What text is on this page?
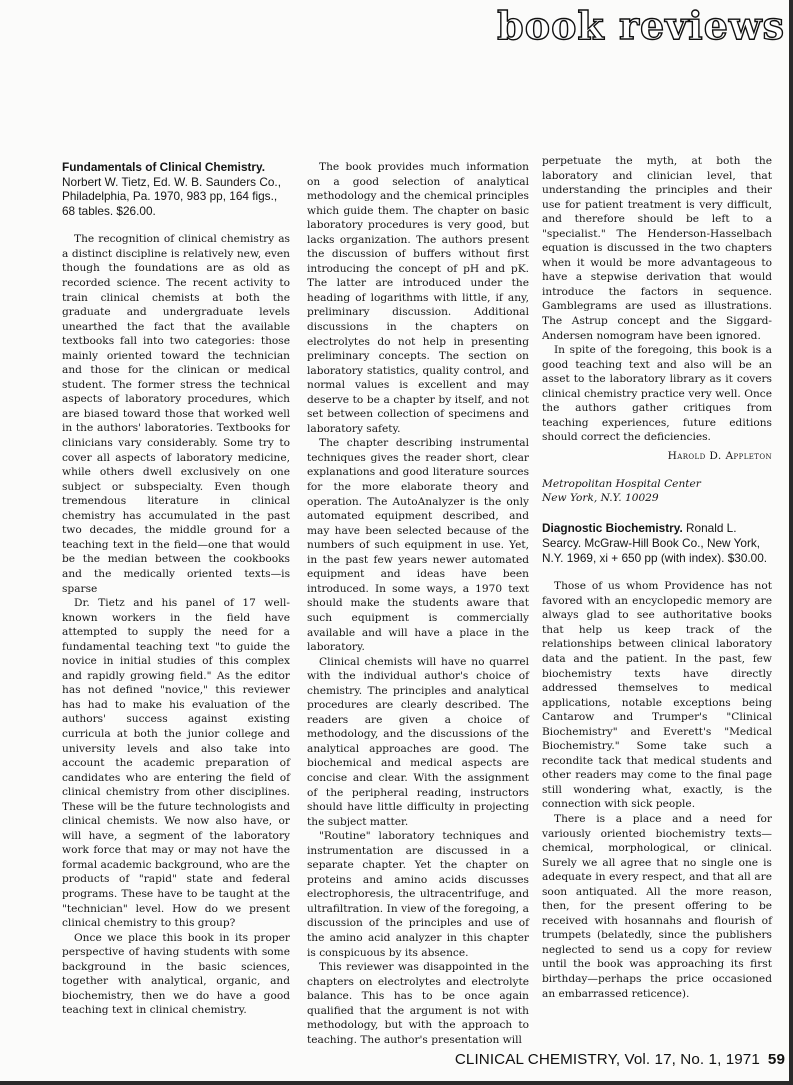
book reviews
Fundamentals of Clinical Chemistry. Norbert W. Tietz, Ed. W. B. Saunders Co., Philadelphia, Pa. 1970, 983 pp, 164 figs., 68 tables. $26.00.

The recognition of clinical chemistry as a distinct discipline is relatively new, even though the foundations are as old as recorded science. The recent activity to train clinical chemists at both the graduate and undergraduate levels unearthed the fact that the available textbooks fall into two categories: those mainly oriented toward the technician and those for the clinican or medical student. The former stress the technical aspects of laboratory procedures, which are biased toward those that worked well in the authors' laboratories. Textbooks for clinicians vary considerably. Some try to cover all aspects of laboratory medicine, while others dwell exclusively on one subject or subspecialty. Even though tremendous literature in clinical chemistry has accumulated in the past two decades, the middle ground for a teaching text in the field—one that would be the median between the cookbooks and the medically oriented texts—is sparse

Dr. Tietz and his panel of 17 well-known workers in the field have attempted to supply the need for a fundamental teaching text "to guide the novice in initial studies of this complex and rapidly growing field." As the editor has not defined "novice," this reviewer has had to make his evaluation of the authors' success against existing curricula at both the junior college and university levels and also take into account the academic preparation of candidates who are entering the field of clinical chemistry from other disciplines. These will be the future technologists and clinical chemists. We now also have, or will have, a segment of the laboratory work force that may or may not have the formal academic background, who are the products of "rapid" state and federal programs. These have to be taught at the "technician" level. How do we present clinical chemistry to this group?

Once we place this book in its proper perspective of having students with some background in the basic sciences, together with analytical, organic, and biochemistry, then we do have a good teaching text in clinical chemistry.

The book provides much information on a good selection of analytical methodology and the chemical principles which guide them. The chapter on basic laboratory procedures is very good, but lacks organization. The authors present the discussion of buffers without first introducing the concept of pH and pK. The latter are introduced under the heading of logarithms with little, if any, preliminary discussion. Additional discussions in the chapters on electrolytes do not help in presenting preliminary concepts. The section on laboratory statistics, quality control, and normal values is excellent and may deserve to be a chapter by itself, and not set between collection of specimens and laboratory safety.

The chapter describing instrumental techniques gives the reader short, clear explanations and good literature sources for the more elaborate theory and operation. The AutoAnalyzer is the only automated equipment described, and may have been selected because of the numbers of such equipment in use. Yet, in the past few years newer automated equipment and ideas have been introduced. In some ways, a 1970 text should make the students aware that such equipment is commercially available and will have a place in the laboratory.

Clinical chemists will have no quarrel with the individual author's choice of chemistry. The principles and analytical procedures are clearly described. The readers are given a choice of methodology, and the discussions of the analytical approaches are good. The biochemical and medical aspects are concise and clear. With the assignment of the peripheral reading, instructors should have little difficulty in projecting the subject matter.

"Routine" laboratory techniques and instrumentation are discussed in a separate chapter. Yet the chapter on proteins and amino acids discusses electrophoresis, the ultracentrifuge, and ultrafiltration. In view of the foregoing, a discussion of the principles and use of the amino acid analyzer in this chapter is conspicuous by its absence.

This reviewer was disappointed in the chapters on electrolytes and electrolyte balance. This has to be once again qualified that the argument is not with methodology, but with the approach to teaching. The author's presentation will

perpetuate the myth, at both the laboratory and clinician level, that understanding the principles and their use for patient treatment is very difficult, and therefore should be left to a "specialist." The Henderson-Hasselbach equation is discussed in the two chapters when it would be more advantageous to have a stepwise derivation that would introduce the factors in sequence. Gamblegrams are used as illustrations. The Astrup concept and the Siggard-Andersen nomogram have been ignored.

In spite of the foregoing, this book is a good teaching text and also will be an asset to the laboratory library as it covers clinical chemistry practice very well. Once the authors gather critiques from teaching experiences, future editions should correct the deficiencies.

Harold D. Appleton
Metropolitan Hospital Center
New York, N.Y. 10029
Diagnostic Biochemistry. Ronald L. Searcy. McGraw-Hill Book Co., New York, N.Y. 1969, xi + 650 pp (with index). $30.00.

Those of us whom Providence has not favored with an encyclopedic memory are always glad to see authoritative books that help us keep track of the relationships between clinical laboratory data and the patient. In the past, few biochemistry texts have directly addressed themselves to medical applications, notable exceptions being Cantarow and Trumper's "Clinical Biochemistry" and Everett's "Medical Biochemistry." Some take such a recondite tack that medical students and other readers may come to the final page still wondering what, exactly, is the connection with sick people.

There is a place and a need for variously oriented biochemistry texts—chemical, morphological, or clinical. Surely we all agree that no single one is adequate in every respect, and that all are soon antiquated. All the more reason, then, for the present offering to be received with hosannahs and flourish of trumpets (belatedly, since the publishers neglected to send us a copy for review until the book was approaching its first birthday—perhaps the price occasioned an embarrassed reticence).

CLINICAL CHEMISTRY, Vol. 17, No. 1, 1971 59
